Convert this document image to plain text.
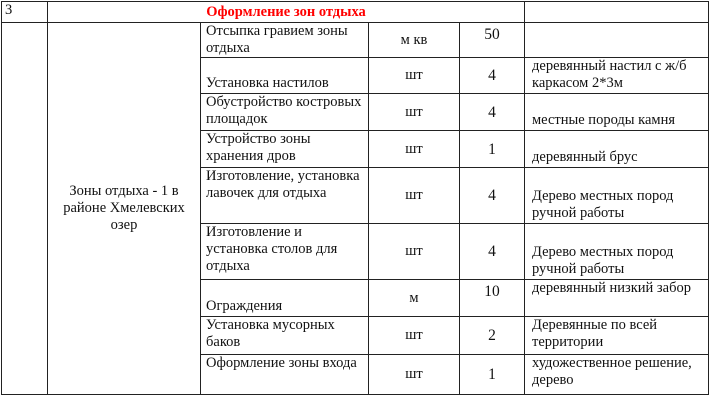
3	Оформление зон отдыха				
	Зоны отдыха - 1 в районе Хмелевских озер	Отсыпка гравием зоны отдыха	м кв	50	
		Установка настилов	шт	4	деревянный настил с ж/б каркасом 2*3м
		Обустройство костровых площадок	шт	4	местные породы камня
		Устройство зоны хранения дров	шт	1	деревянный брус
		Изготовление, установка лавочек для отдыха	шт	4	Дерево местных пород ручной работы
		Изготовление и установка столов для отдыха	шт	4	Дерево местных пород ручной работы
		Ограждения	м	10	деревянный низкий забор
		Установка мусорных баков	шт	2	Деревянные по всей территории
		Оформление зоны входа	шт	1	художественное решение, дерево
